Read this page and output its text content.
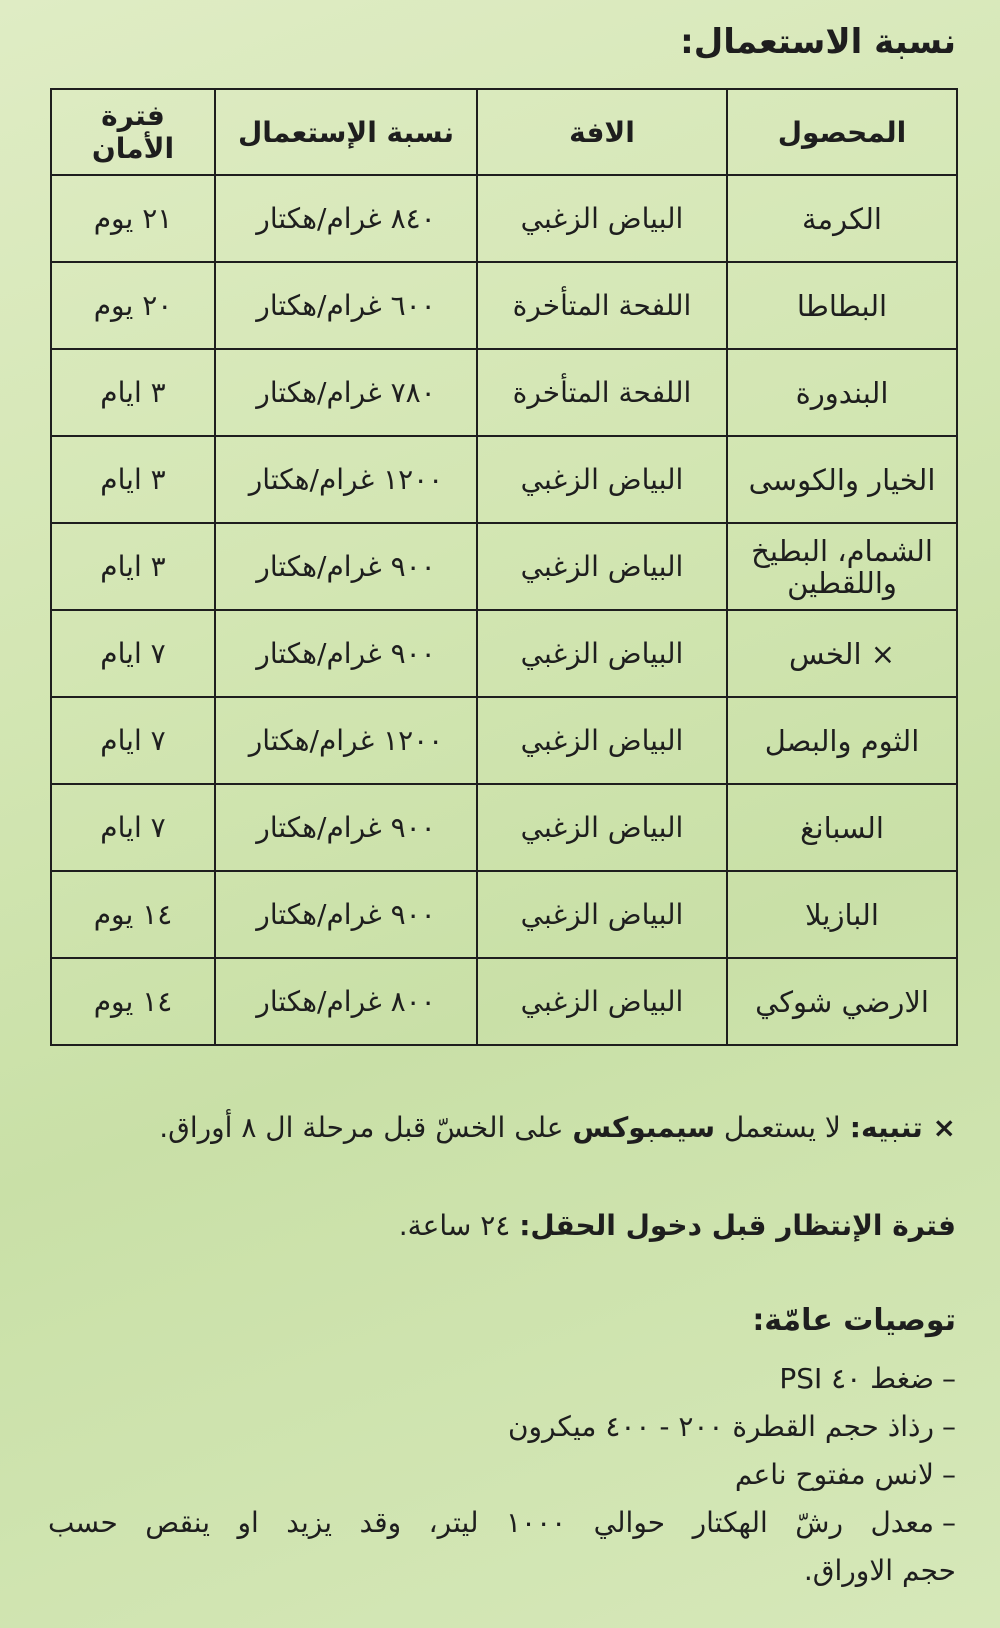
نسبة الاستعمال:
المحصول	الافة	نسبة الإستعمال	فترة الأمان
الكرمة	البياض الزغبي	٨٤٠ غرام/هكتار	٢١ يوم
البطاطا	اللفحة المتأخرة	٦٠٠ غرام/هكتار	٢٠ يوم
البندورة	اللفحة المتأخرة	٧٨٠ غرام/هكتار	٣ ايام
الخيار والكوسى	البياض الزغبي	١٢٠٠ غرام/هكتار	٣ ايام
الشمام، البطيخ واللقطين	البياض الزغبي	٩٠٠ غرام/هكتار	٣ ايام
× الخس	البياض الزغبي	٩٠٠ غرام/هكتار	٧ ايام
الثوم والبصل	البياض الزغبي	١٢٠٠ غرام/هكتار	٧ ايام
السبانغ	البياض الزغبي	٩٠٠ غرام/هكتار	٧ ايام
البازيلا	البياض الزغبي	٩٠٠ غرام/هكتار	١٤ يوم
الارضي شوكي	البياض الزغبي	٨٠٠ غرام/هكتار	١٤ يوم

× تنبيه: لا يستعمل سيمبوكس على الخسّ قبل مرحلة ال ٨ أوراق.

فترة الإنتظار قبل دخول الحقل: ٢٤ ساعة.

توصيات عامّة:
–ضغط ٤٠ PSI
–رذاذ حجم القطرة ٢٠٠ - ٤٠٠ ميكرون
–لانس مفتوح ناعم
–معدل رشّ الهكتار حوالي ١٠٠٠ ليتر، وقد يزيد او ينقص حسب
حجم الاوراق.
